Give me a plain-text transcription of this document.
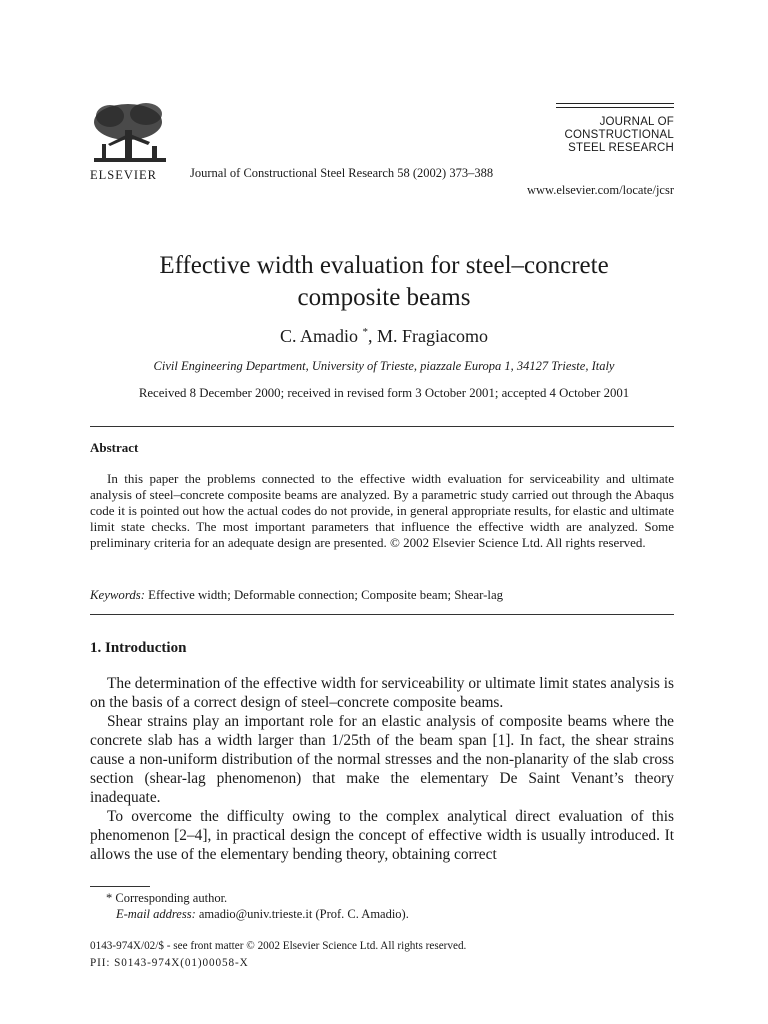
ELSEVIER	Journal of Constructional Steel Research 58 (2002) 373–388
JOURNAL OF
CONSTRUCTIONAL
STEEL RESEARCH
www.elsevier.com/locate/jcsr
Effective width evaluation for steel–concrete
composite beams
C. Amadio *, M. Fragiacomo
Civil Engineering Department, University of Trieste, piazzale Europa 1, 34127 Trieste, Italy
Received 8 December 2000; received in revised form 3 October 2001; accepted 4 October 2001
Abstract
In this paper the problems connected to the effective width evaluation for serviceability and ultimate analysis of steel–concrete composite beams are analyzed. By a parametric study carried out through the Abaqus code it is pointed out how the actual codes do not provide, in general appropriate results, for elastic and ultimate limit state checks. The most important parameters that influence the effective width are analyzed. Some preliminary criteria for an adequate design are presented. © 2002 Elsevier Science Ltd. All rights reserved.
Keywords: Effective width; Deformable connection; Composite beam; Shear-lag
1. Introduction

The determination of the effective width for serviceability or ultimate limit states analysis is on the basis of a correct design of steel–concrete composite beams.

Shear strains play an important role for an elastic analysis of composite beams where the concrete slab has a width larger than 1/25th of the beam span [1]. In fact, the shear strains cause a non-uniform distribution of the normal stresses and the non-planarity of the slab cross section (shear-lag phenomenon) that make the elementary De Saint Venant’s theory inadequate.

To overcome the difficulty owing to the complex analytical direct evaluation of this phenomenon [2–4], in practical design the concept of effective width is usually introduced. It allows the use of the elementary bending theory, obtaining correct

* Corresponding author.
E-mail address: amadio@univ.trieste.it (Prof. C. Amadio).
0143-974X/02/$ - see front matter © 2002 Elsevier Science Ltd. All rights reserved.
PII: S0143-974X(01)00058-X
